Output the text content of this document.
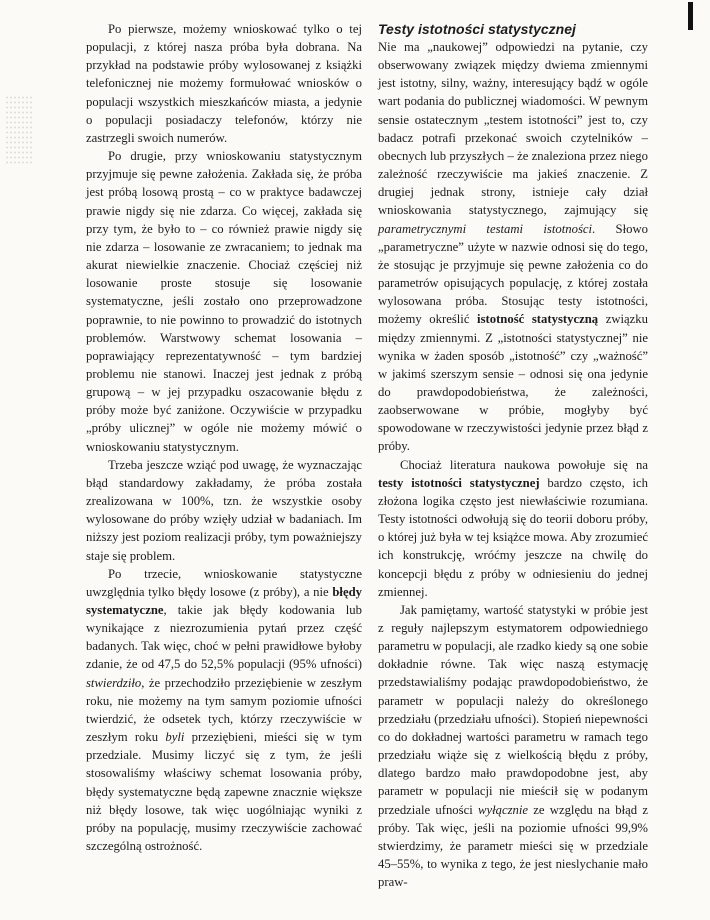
Po pierwsze, możemy wnioskować tylko o tej populacji, z której nasza próba była dobrana. Na przykład na podstawie próby wylosowanej z książki telefonicznej nie możemy formułować wniosków o populacji wszystkich mieszkańców miasta, a jedynie o populacji posiadaczy telefonów, którzy nie zastrzegli swoich numerów.

Po drugie, przy wnioskowaniu statystycznym przyjmuje się pewne założenia. Zakłada się, że próba jest próbą losową prostą – co w praktyce badawczej prawie nigdy się nie zdarza. Co więcej, zakłada się przy tym, że było to – co również prawie nigdy się nie zdarza – losowanie ze zwracaniem; to jednak ma akurat niewielkie znaczenie. Chociaż częściej niż losowanie proste stosuje się losowanie systematyczne, jeśli zostało ono przeprowadzone poprawnie, to nie powinno to prowadzić do istotnych problemów. Warstwowy schemat losowania – poprawiający reprezentatywność – tym bardziej problemu nie stanowi. Inaczej jest jednak z próbą grupową – w jej przypadku oszacowanie błędu z próby może być zaniżone. Oczywiście w przypadku „próby ulicznej” w ogóle nie możemy mówić o wnioskowaniu statystycznym.

Trzeba jeszcze wziąć pod uwagę, że wyznaczając błąd standardowy zakładamy, że próba została zrealizowana w 100%, tzn. że wszystkie osoby wylosowane do próby wzięły udział w badaniach. Im niższy jest poziom realizacji próby, tym poważniejszy staje się problem.

Po trzecie, wnioskowanie statystyczne uwzględnia tylko błędy losowe (z próby), a nie błędy systematyczne, takie jak błędy kodowania lub wynikające z niezrozumienia pytań przez część badanych. Tak więc, choć w pełni prawidłowe byłoby zdanie, że od 47,5 do 52,5% populacji (95% ufności) stwierdziło, że przechodziło przeziębienie w zeszłym roku, nie możemy na tym samym poziomie ufności twierdzić, że odsetek tych, którzy rzeczywiście w zeszłym roku byli przeziębieni, mieści się w tym przedziale. Musimy liczyć się z tym, że jeśli stosowaliśmy właściwy schemat losowania próby, błędy systematyczne będą zapewne znacznie większe niż błędy losowe, tak więc uogólniając wyniki z próby na populację, musimy rzeczywiście zachować szczególną ostrożność.

Testy istotności statystycznej

Nie ma „naukowej” odpowiedzi na pytanie, czy obserwowany związek między dwiema zmiennymi jest istotny, silny, ważny, interesujący bądź w ogóle wart podania do publicznej wiadomości. W pewnym sensie ostatecznym „testem istotności” jest to, czy badacz potrafi przekonać swoich czytelników – obecnych lub przyszłych – że znaleziona przez niego zależność rzeczywiście ma jakieś znaczenie. Z drugiej jednak strony, istnieje cały dział wnioskowania statystycznego, zajmujący się parametrycznymi testami istotności. Słowo „parametryczne” użyte w nazwie odnosi się do tego, że stosując je przyjmuje się pewne założenia co do parametrów opisujących populację, z której została wylosowana próba. Stosując testy istotności, możemy określić istotność statystyczną związku między zmiennymi. Z „istotności statystycznej” nie wynika w żaden sposób „istotność” czy „ważność” w jakimś szerszym sensie – odnosi się ona jedynie do prawdopodobieństwa, że zależności, zaobserwowane w próbie, mogłyby być spowodowane w rzeczywistości jedynie przez błąd z próby.

Chociaż literatura naukowa powołuje się na testy istotności statystycznej bardzo często, ich złożona logika często jest niewłaściwie rozumiana. Testy istotności odwołują się do teorii doboru próby, o której już była w tej książce mowa. Aby zrozumieć ich konstrukcję, wróćmy jeszcze na chwilę do koncepcji błędu z próby w odniesieniu do jednej zmiennej.

Jak pamiętamy, wartość statystyki w próbie jest z reguły najlepszym estymatorem odpowiedniego parametru w populacji, ale rzadko kiedy są one sobie dokładnie równe. Tak więc naszą estymację przedstawialiśmy podając prawdopodobieństwo, że parametr w populacji należy do określonego przedziału (przedziału ufności). Stopień niepewności co do dokładnej wartości parametru w ramach tego przedziału wiąże się z wielkością błędu z próby, dlatego bardzo mało prawdopodobne jest, aby parametr w populacji nie mieścił się w podanym przedziale ufności wyłącznie ze względu na błąd z próby. Tak więc, jeśli na poziomie ufności 99,9% stwierdzimy, że parametr mieści się w przedziale 45–55%, to wynika z tego, że jest nieslychanie mało praw-
